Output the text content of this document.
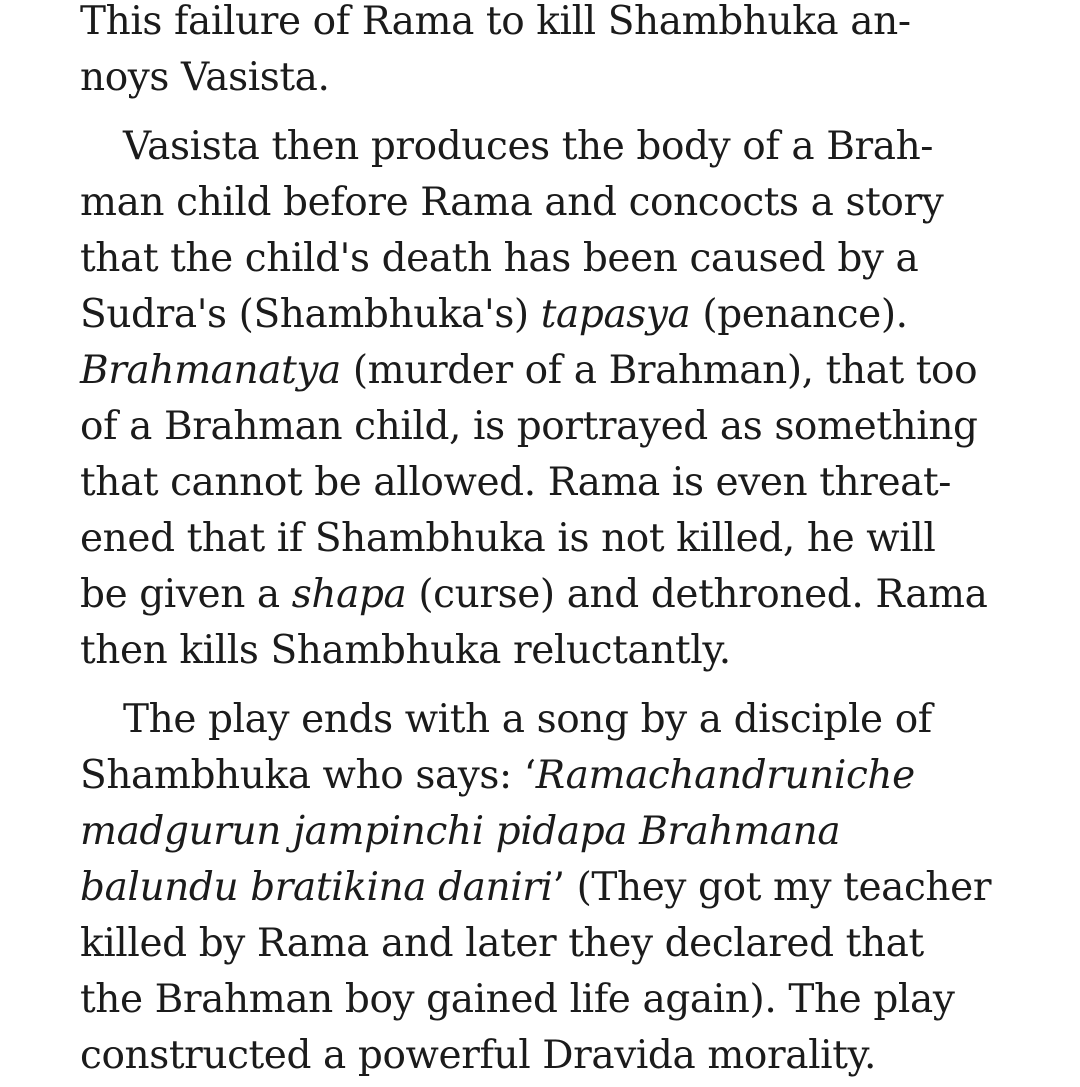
This failure of Rama to kill Shambhuka an-
noys Vasista.
Vasista then produces the body of a Brah-
man child before Rama and concocts a story
that the child's death has been caused by a
Sudra's (Shambhuka's) tapasya (penance).
Brahmanatya (murder of a Brahman), that too
of a Brahman child, is portrayed as something
that cannot be allowed. Rama is even threat-
ened that if Shambhuka is not killed, he will
be given a shapa (curse) and dethroned. Rama
then kills Shambhuka reluctantly.
The play ends with a song by a disciple of
Shambhuka who says: ‘Ramachandruniche
madgurun jampinchi pidapa Brahmana
balundu bratikina daniri’ (They got my teacher
killed by Rama and later they declared that
the Brahman boy gained life again). The play
constructed a powerful Dravida morality.
